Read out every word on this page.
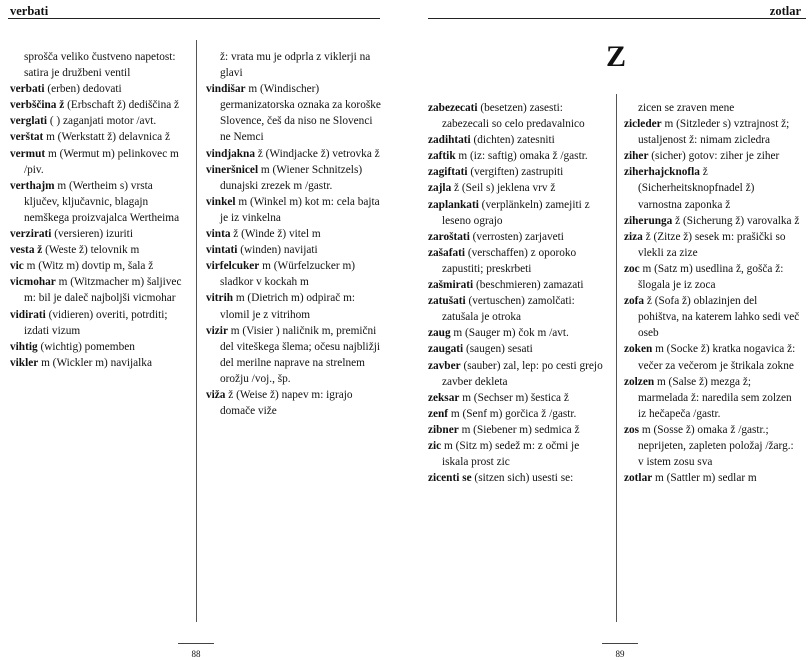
verbati

sprošča veliko čustveno napetost: satira je družbeni ventil

verbati (erben) dedovati

verbščina ž (Erbschaft ž) dediščina ž

verglati ( ) zaganjati motor /avt.

verštat m (Werkstatt ž) delavnica ž

vermut m (Wermut m) pelinkovec m /piv.

verthajm m (Wertheim s) vrsta ključev, ključavnic, blagajn nemškega proizvajalca Wertheima

verzirati (versieren) izuriti

vesta ž (Weste ž) telovnik m

vic m (Witz m) dovtip m, šala ž

vicmohar m (Witzmacher m) šaljivec m: bil je dalеč najboljši vicmohar

vidirati (vidieren) overiti, potrditi; izdati vizum

vihtig (wichtig) pomemben

vikler m (Wickler m) navijalka

ž: vrata mu je odprla z viklerji na glavi

vindišar m (Windischer) germanizatorska oznaka za koroške Slovence, češ da niso ne Slovenci ne Nemci

vindjakna ž (Windjacke ž) vetrovka ž

vineršnicel m (Wiener Schnitzels) dunajski zrezek m /gastr.

vinkel m (Winkel m) kot m: cela bajta je iz vinkelna

vinta ž (Winde ž) vitel m

vintati (winden) navijati

virfelcuker m (Würfelzucker m) sladkor v kockah m

vitrih m (Dietrich m) odpirač m: vlomil je z vitrihom

vizir m (Visier ) naličnik m, premični del viteškega šlema; očesu najbližji del merilne naprave na strelnem orožju /voj., šp.

viža ž (Weise ž) napev m: igrajo domače viže

88
zotlar
Z

zabezecati (besetzen) zasesti: zabezecali so celo predavalnico

zadihtati (dichten) zatesniti

zaftik m (iz: saftig) omaka ž /gastr.

zagiftati (vergiften) zastrupiti

zajla ž (Seil s) jeklena vrv ž

zaplankati (verplänkeln) zamejiti z leseno ograjo

zaroštati (verrosten) zarjaveti

zašafati (verschaffen) z oporoko zapustiti; preskrbeti

zašmirati (beschmieren) zamazati

zatušati (vertuschen) zamolčati: zatušala je otroka

zaug m (Sauger m) čok m /avt.

zaugati (saugen) sesati

zavber (sauber) zal, lep: po cesti grejo zavber dekleta

zeksar m (Sechser m) šestica ž

zenf m (Senf m) gorčica ž /gastr.

zibner m (Siebener m) sedmica ž

zic m (Sitz m) sedež m: z očmi je iskala prost zic

zicenti se (sitzen sich) usesti se:

zicen se zraven mene

zicleder m (Sitzleder s) vztrajnost ž; ustaljenost ž: nimam zicledra

ziher (sicher) gotov: ziher je ziher

ziherhajcknofla ž (Sicherheitsknopfnadel ž) varnostna zaponka ž

ziherunga ž (Sicherung ž) varovalka ž

ziza ž (Zitze ž) sesek m: prašički so vlekli za zize

zoc m (Satz m) usedlina ž, gošča ž: šlogala je iz zoca

zofa ž (Sofa ž) oblazinjen del pohištva, na katerem lahko sedi več oseb

zoken m (Socke ž) kratka nogavica ž: večer za večerom je štrikala zokne

zolzen m (Salse ž) mezga ž; marmelada ž: naredila sem zolzen iz hečapeča /gastr.

zos m (Sosse ž) omaka ž /gastr.; neprijeten, zapleten položaj /žarg.: v istem zosu sva

zotlar m (Sattler m) sedlar m

89
